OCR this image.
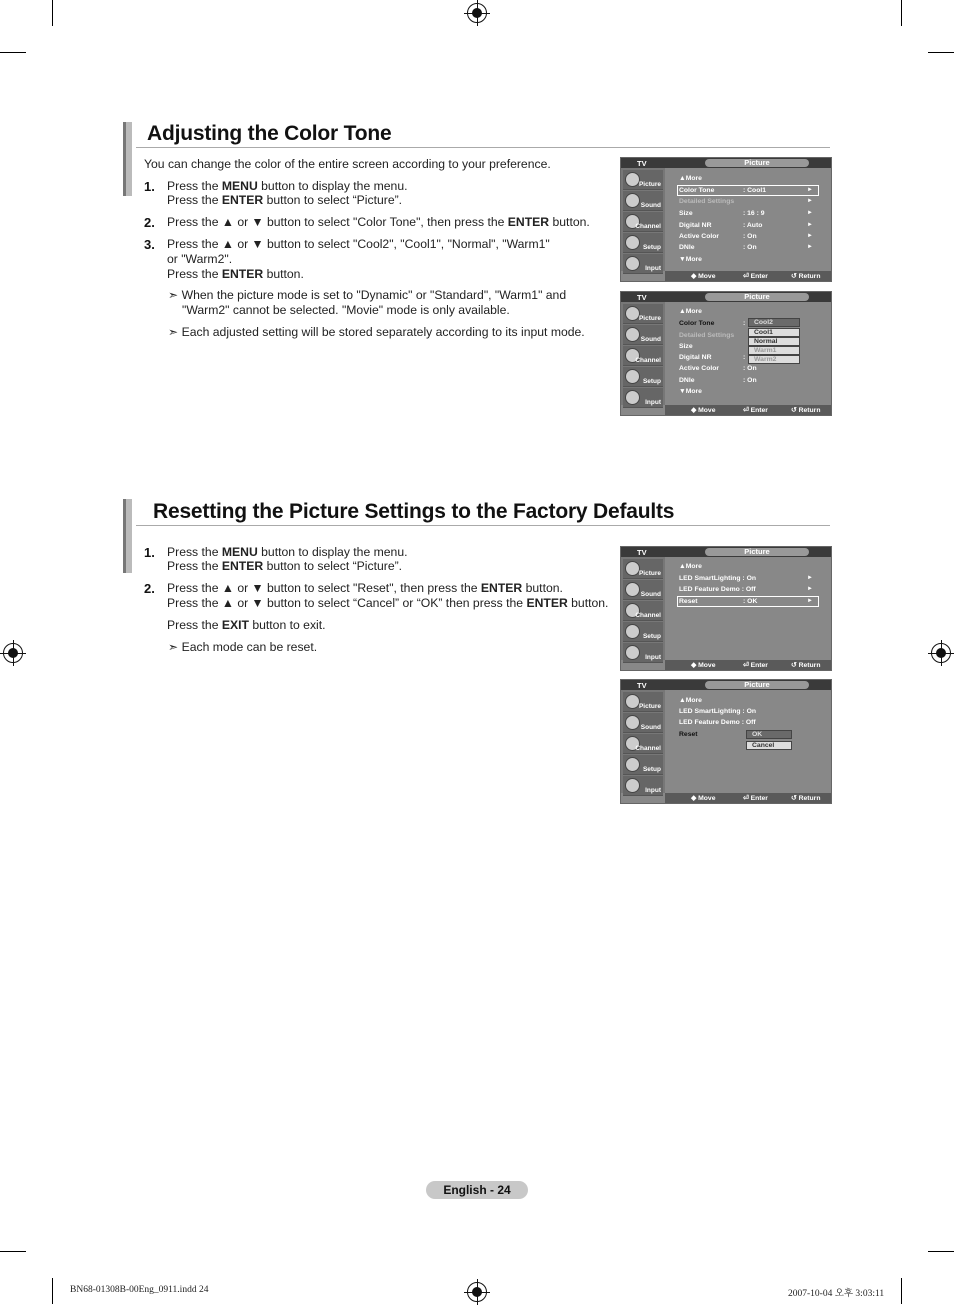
Adjusting the Color Tone
You can change the color of the entire screen according to your preference.
1. Press the MENU button to display the menu.
Press the ENTER button to select “Picture”.
2. Press the ▲ or ▼ button to select "Color Tone", then press the ENTER button.
3. Press the ▲ or ▼ button to select "Cool2", "Cool1", "Normal", "Warm1"
or "Warm2".
Press the ENTER button.
➣ When the picture mode is set to "Dynamic" or "Standard", "Warm1" and
"Warm2" cannot be selected. "Movie" mode is only available.
➣ Each adjusted setting will be stored separately according to its input mode.
TV	Picture
Picture
Sound
Channel
Setup
Input
▲More
Color Tone	: Cool1	►
Detailed Settings	►
Size	: 16 : 9	►
Digital NR	: Auto	►
Active Color	: On	►
DNIe	: On	►
▼More
◆ Move	⏎ Enter	↺ Return
TV	Picture
Picture
Sound
Channel
Setup
Input
▲More
Color Tone	:
Detailed Settings
Size
Digital NR	:
Active Color	: On
DNIe	: On
▼More
Cool2
Cool1
Normal
Warm1
Warm2
◆ Move	⏎ Enter	↺ Return
Resetting the Picture Settings to the Factory Defaults
1. Press the MENU button to display the menu.
Press the ENTER button to select “Picture”.
2. Press the ▲ or ▼ button to select "Reset", then press the ENTER button.
Press the ▲ or ▼ button to select “Cancel” or “OK” then press the ENTER button.
Press the EXIT button to exit.
➣ Each mode can be reset.
TV	Picture
Picture
Sound
Channel
Setup
Input
▲More
LED SmartLighting : On	►
LED Feature Demo : Off	►
Reset	: OK	►
◆ Move	⏎ Enter	↺ Return
TV	Picture
Picture
Sound
Channel
Setup
Input
▲More
LED SmartLighting : On
LED Feature Demo : Off
Reset	OK
Cancel
◆ Move	⏎ Enter	↺ Return
English - 24
BN68-01308B-00Eng_0911.indd 24	2007-10-04 오후 3:03:11
